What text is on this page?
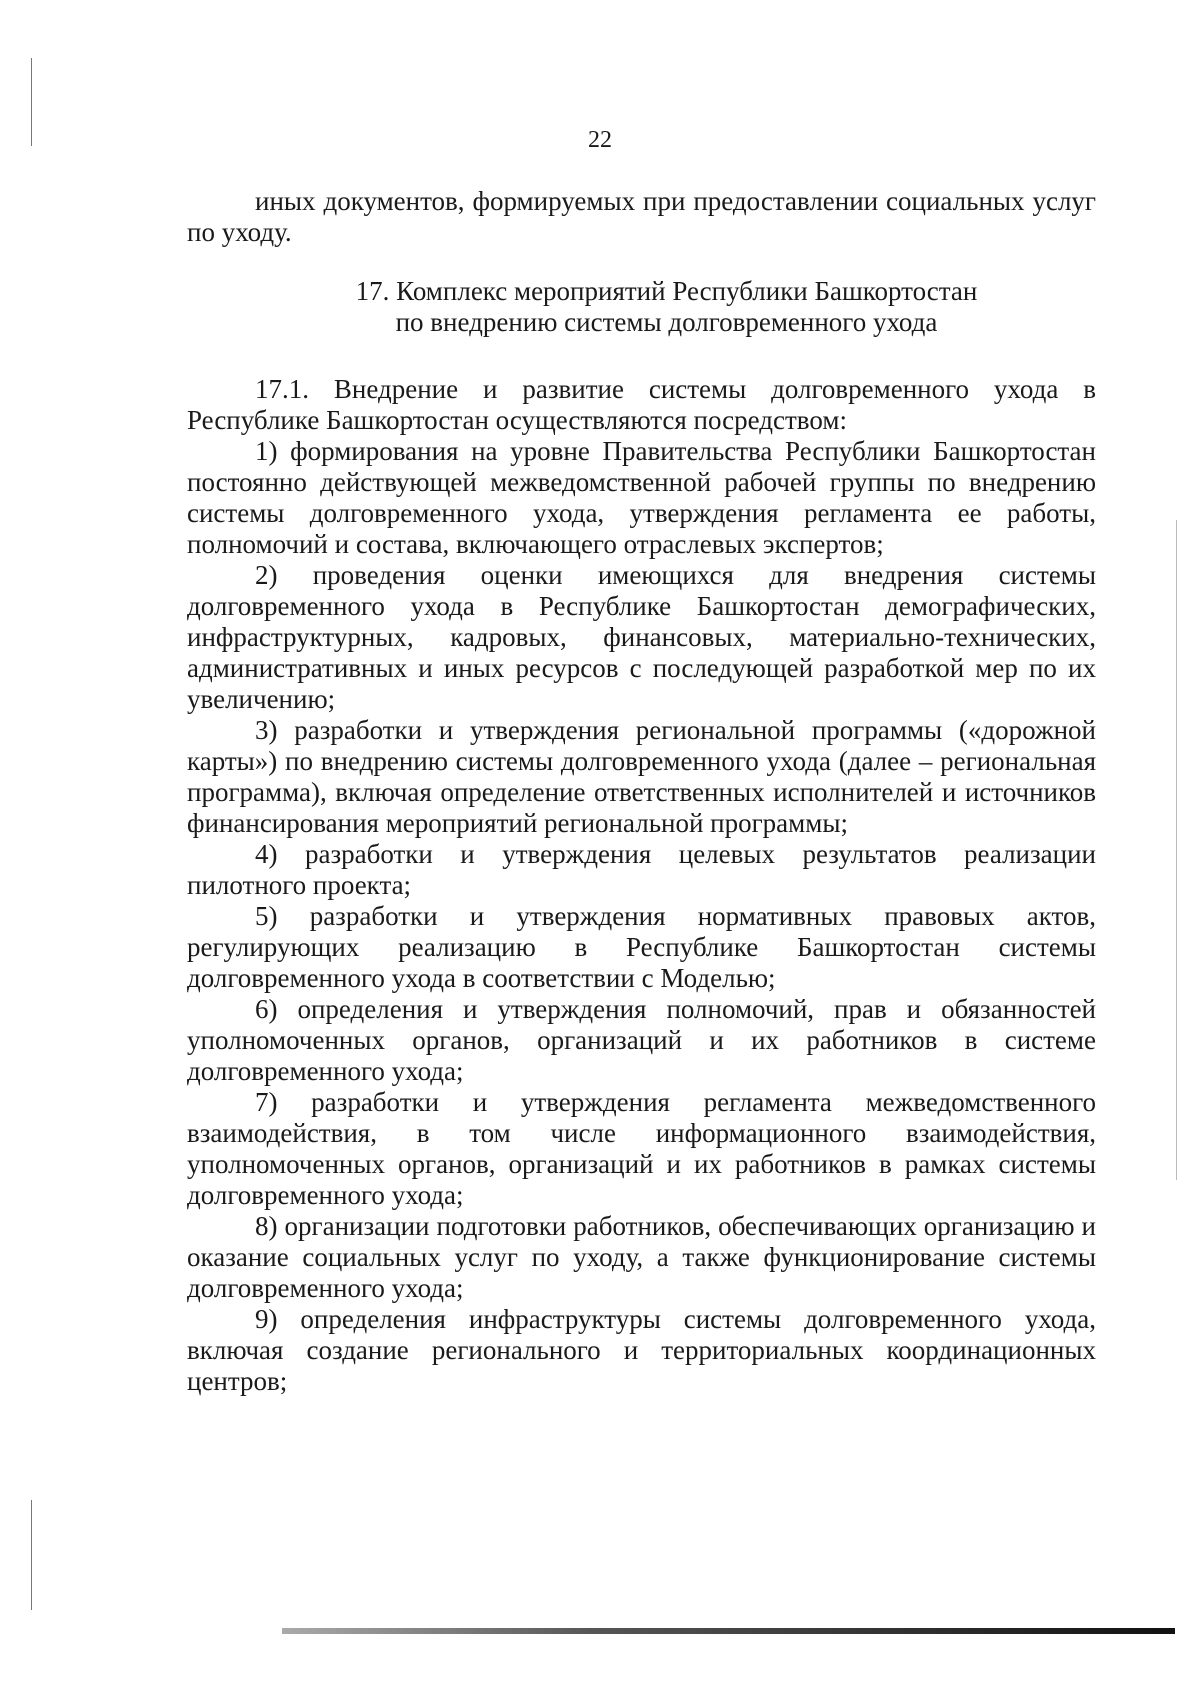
22

иных документов, формируемых при предоставлении социальных услуг по уходу.

17. Комплекс мероприятий Республики Башкортостан
по внедрению системы долговременного ухода

17.1. Внедрение и развитие системы долговременного ухода в Республике Башкортостан осуществляются посредством:

1) формирования на уровне Правительства Республики Башкортостан постоянно действующей межведомственной рабочей группы по внедрению системы долговременного ухода, утверждения регламента ее работы, полномочий и состава, включающего отраслевых экспертов;

2) проведения оценки имеющихся для внедрения системы долговременного ухода в Республике Башкортостан демографических, инфраструктурных, кадровых, финансовых, материально-технических, административных и иных ресурсов с последующей разработкой мер по их увеличению;

3) разработки и утверждения региональной программы («дорожной карты») по внедрению системы долговременного ухода (далее – региональная программа), включая определение ответственных исполнителей и источников финансирования мероприятий региональной программы;

4) разработки и утверждения целевых результатов реализации пилотного проекта;

5) разработки и утверждения нормативных правовых актов, регулирующих реализацию в Республике Башкортостан системы долговременного ухода в соответствии с Моделью;

6) определения и утверждения полномочий, прав и обязанностей уполномоченных органов, организаций и их работников в системе долговременного ухода;

7) разработки и утверждения регламента межведомственного взаимодействия, в том числе информационного взаимодействия, уполномоченных органов, организаций и их работников в рамках системы долговременного ухода;

8) организации подготовки работников, обеспечивающих организацию и оказание социальных услуг по уходу, а также функционирование системы долговременного ухода;

9) определения инфраструктуры системы долговременного ухода, включая создание регионального и территориальных координационных центров;
